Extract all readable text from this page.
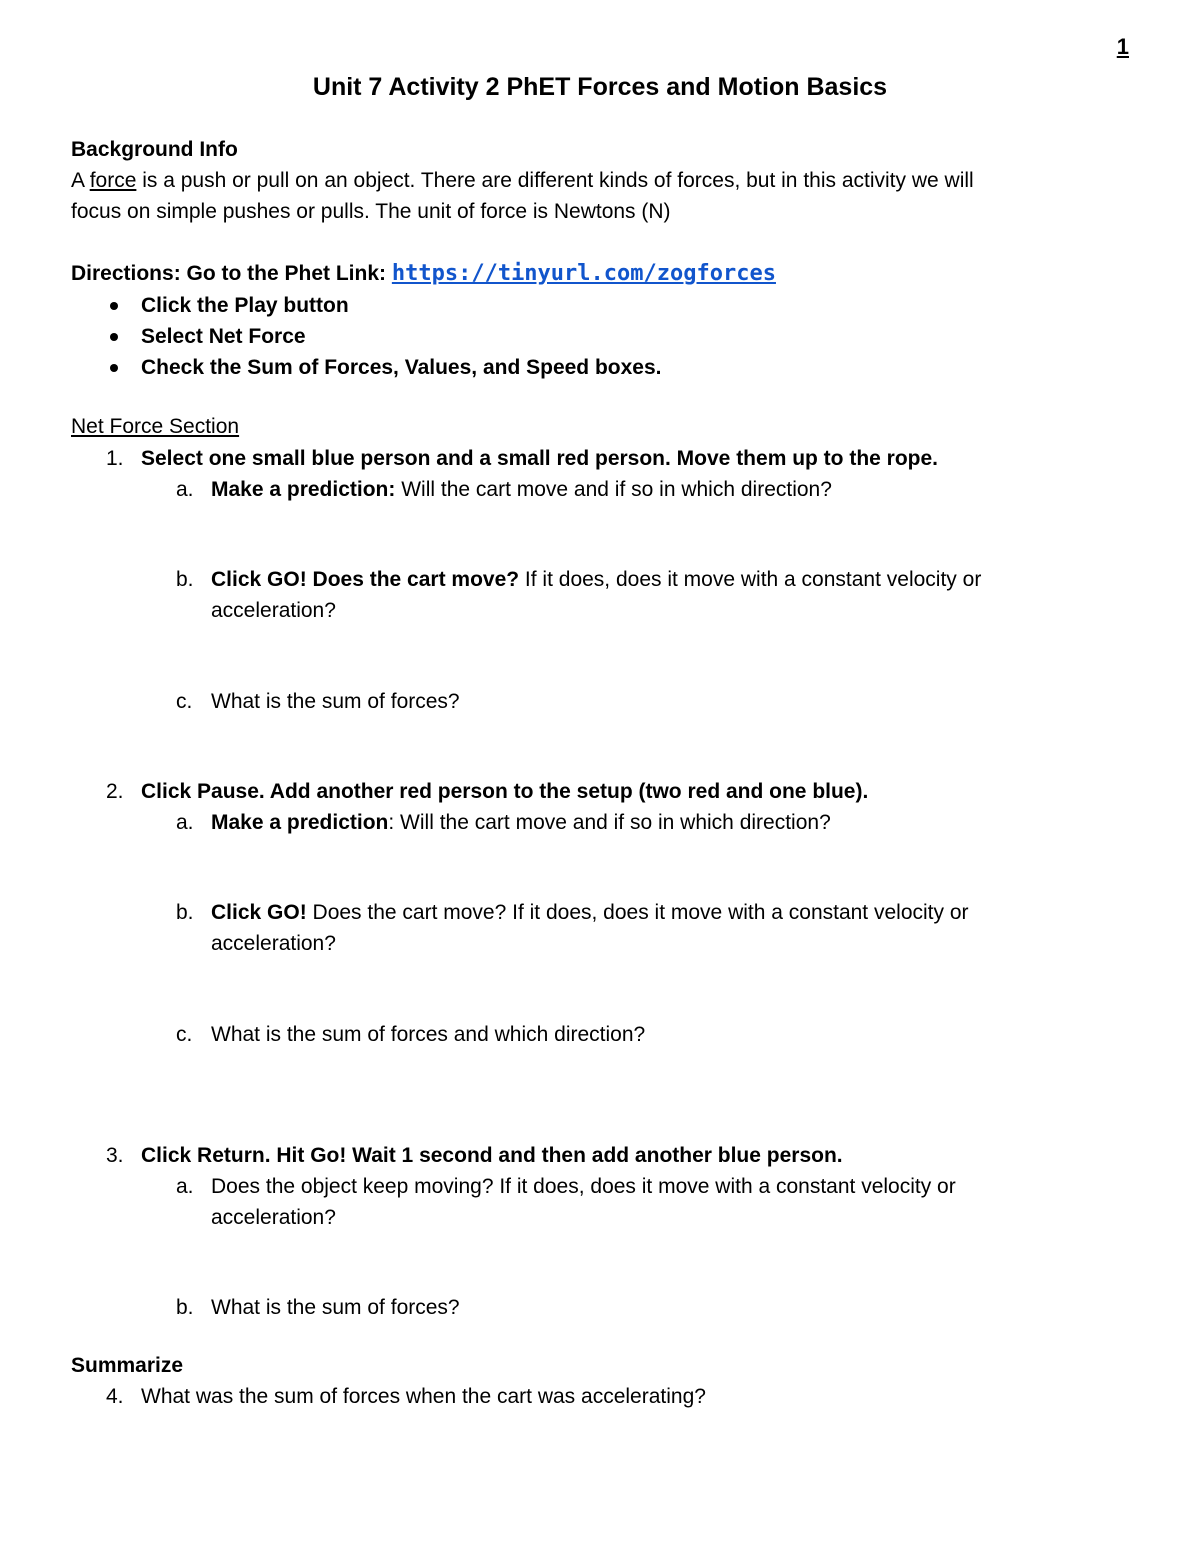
1
Unit 7 Activity 2 PhET Forces and Motion Basics
Background Info
A force is a push or pull on an object. There are different kinds of forces, but in this activity we will
focus on simple pushes or pulls. The unit of force is Newtons (N)
Directions: Go to the Phet Link: https://tinyurl.com/zogforces
Click the Play button
Select Net Force
Check the Sum of Forces, Values, and Speed boxes.
Net Force Section
1. Select one small blue person and a small red person. Move them up to the rope.
a. Make a prediction: Will the cart move and if so in which direction?
b. Click GO! Does the cart move? If it does, does it move with a constant velocity or
acceleration?
c. What is the sum of forces?
2. Click Pause. Add another red person to the setup (two red and one blue).
a. Make a prediction: Will the cart move and if so in which direction?
b. Click GO! Does the cart move? If it does, does it move with a constant velocity or
acceleration?
c. What is the sum of forces and which direction?
3. Click Return. Hit Go! Wait 1 second and then add another blue person.
a. Does the object keep moving? If it does, does it move with a constant velocity or
acceleration?
b. What is the sum of forces?
Summarize
4. What was the sum of forces when the cart was accelerating?
